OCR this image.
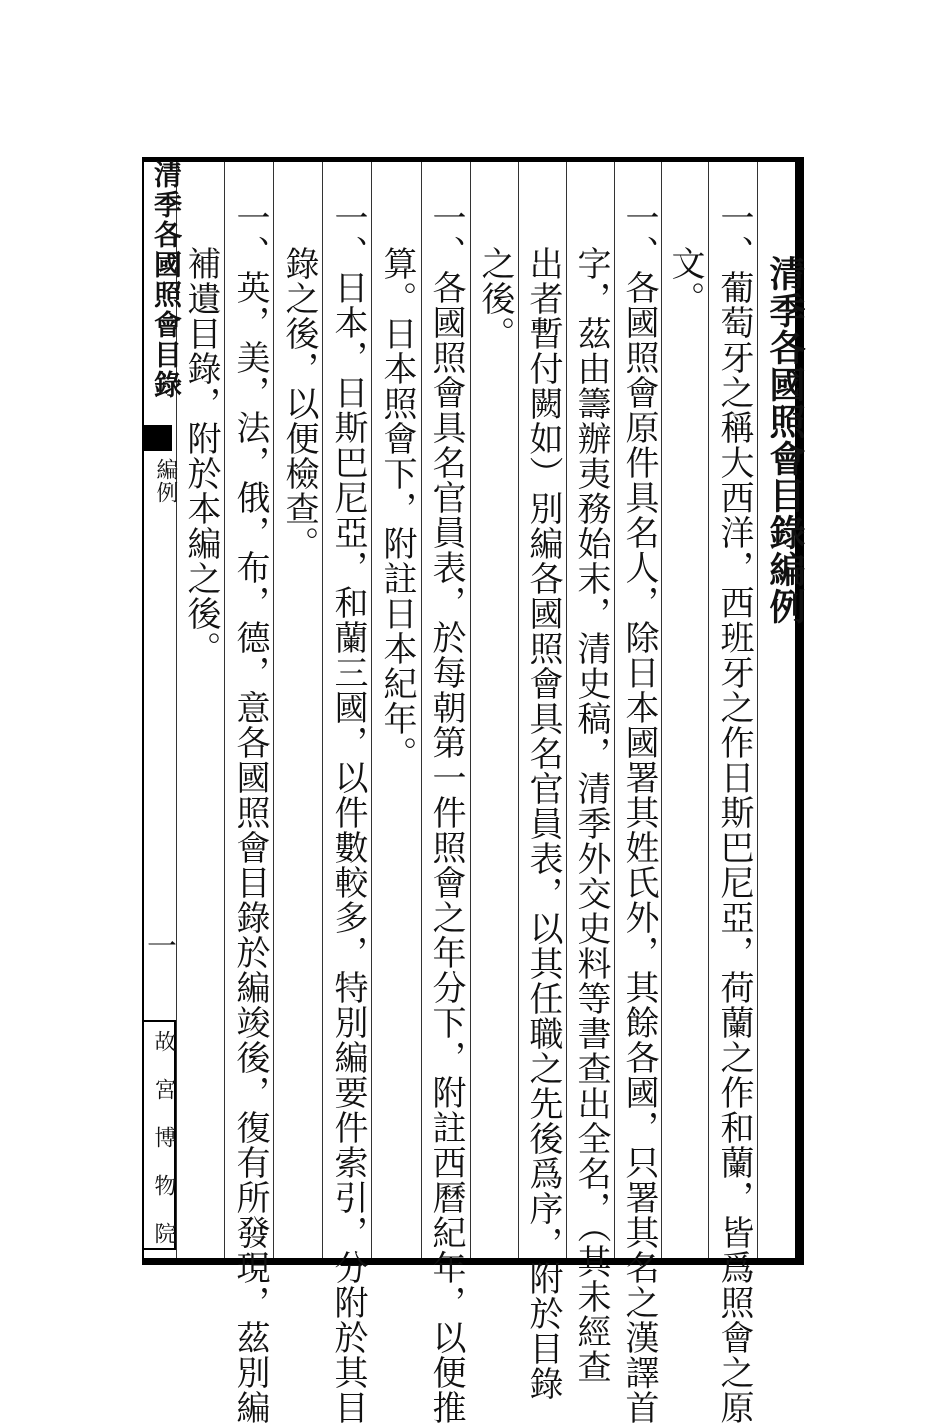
清季各國照會目錄編例
一、葡萄牙之稱大西洋，西班牙之作日斯巴尼亞，荷蘭之作和蘭，皆爲照會之原
文。
一、各國照會原件具名人，除日本國署其姓氏外，其餘各國，只署其名之漢譯首
字，茲由籌辦夷務始末，清史稿，清季外交史料等書查出全名，（其未經查
出者暫付闕如）別編各國照會具名官員表，以其任職之先後爲序，附於目錄
之後。
一、各國照會具名官員表，於每朝第一件照會之年分下，附註西曆紀年，以便推
算。日本照會下，附註日本紀年。
一、日本，日斯巴尼亞，和蘭三國，以件數較多，特別編要件索引，分附於其目
錄之後，以便檢查。
一、英，美，法，俄，布，德，意各國照會目錄於編竣後，復有所發現，茲別編
補遺目錄，附於本編之後。
清季各國照會目錄
編例
一
故宮博物院
